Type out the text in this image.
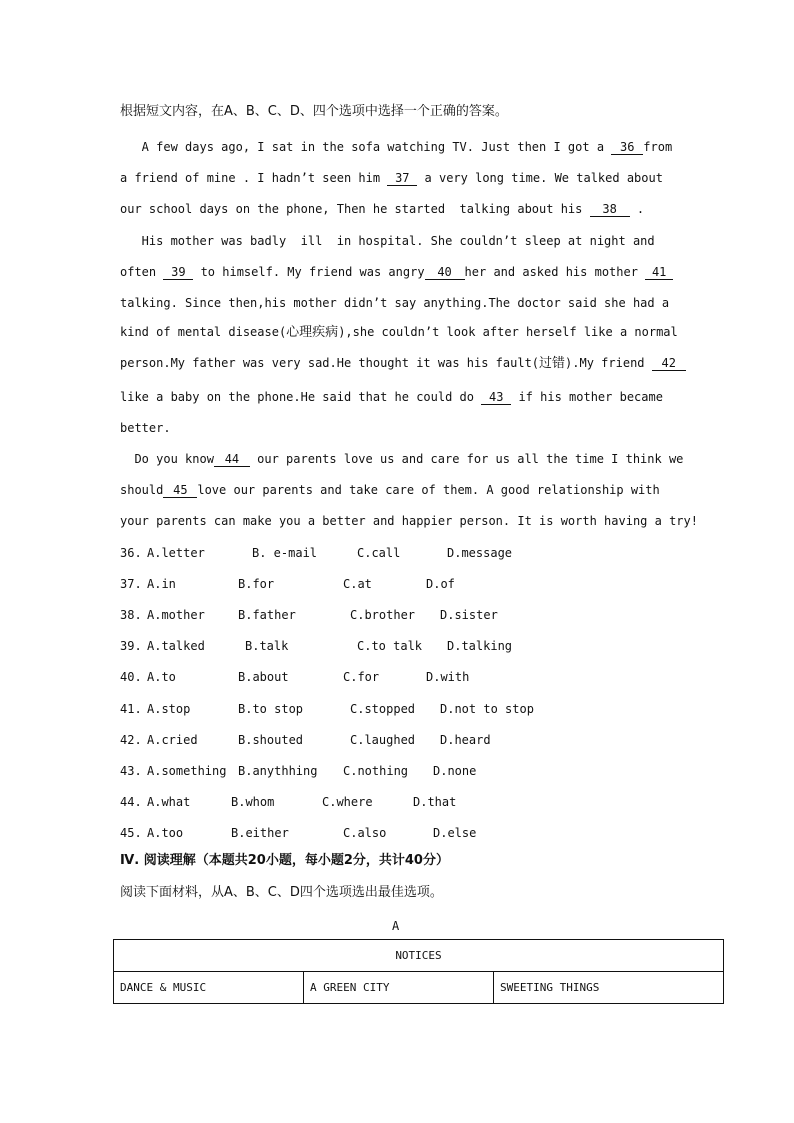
根据短文内容，在A、B、C、D、四个选项中选择一个正确的答案。
A few days ago, I sat in the sofa watching TV. Just then I got a 36 from
a friend of mine . I hadn’t seen him 37 a very long time. We talked about
our school days on the phone, Then he started  talking about his 38 .
His mother was badly  ill  in hospital. She couldn’t sleep at night and
often 39 to himself. My friend was angry 40 her and asked his mother 41
talking. Since then,his mother didn’t say anything.The doctor said she had a
kind of mental disease(心理疾病),she couldn’t look after herself like a normal
person.My father was very sad.He thought it was his fault(过错).My friend 42
like a baby on the phone.He said that he could do 43 if his mother became
better.
Do you know 44 our parents love us and care for us all the time I think we
should 45 love our parents and take care of them. A good relationship with
your parents can make you a better and happier person. It is worth having a try!
36. A.letter	B. e-mail	C.call	D.message
37. A.in	B.for	C.at	D.of
38. A.mother	B.father	C.brother D.sister
39. A.talked	B.talk	C.to talk D.talking
40. A.to	B.about	C.for	D.with
41. A.stop	B.to stop	C.stopped D.not to stop
42. A.cried	B.shouted	C.laughed D.heard
43. A.something B.anythhing C.nothing D.none
44. A.what	B.whom	C.where	D.that
45. A.too	B.either	C.also	D.else
Ⅳ. 阅读理解（本题共20小题，每小题2分，共计40分）
阅读下面材料，从A、B、C、D四个选项选出最佳选项。
A
NOTICES
DANCE & MUSIC	A GREEN CITY	SWEETING THINGS
